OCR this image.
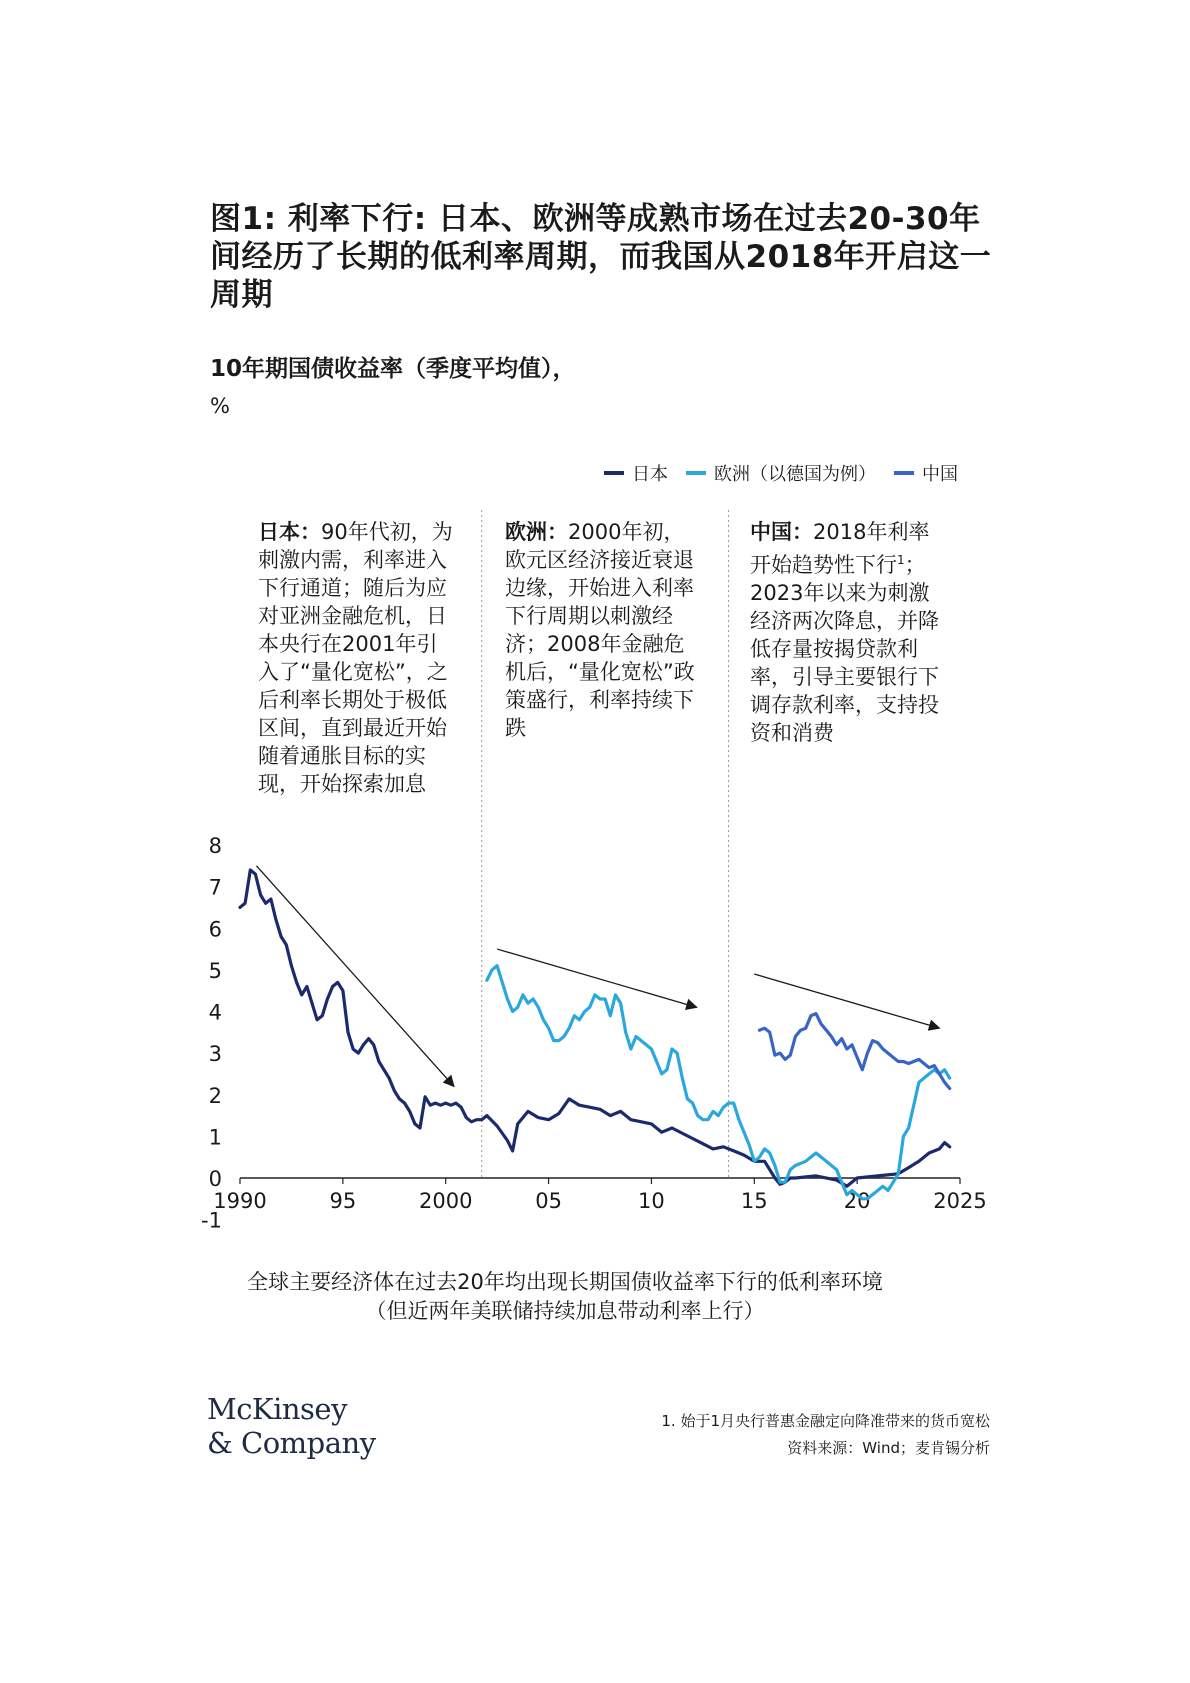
图1: 利率下行: 日本、欧洲等成熟市场在过去20-30年间经历了长期的低利率周期，而我国从2018年开启这一周期
10年期国债收益率（季度平均值），
%
日本	欧洲（以德国为例）	中国
日本：90年代初，为刺激内需，利率进入下行通道；随后为应对亚洲金融危机，日本央行在2001年引入了“量化宽松”，之后利率长期处于极低区间，直到最近开始随着通胀目标的实现，开始探索加息
欧洲：2000年初，欧元区经济接近衰退边缘，开始进入利率下行周期以刺激经济；2008年金融危机后，“量化宽松”政策盛行，利率持续下跌
中国：2018年利率开始趋势性下行$^1$；2023年以来为刺激经济两次降息，并降低存量按揭贷款利率，引导主要银行下调存款利率，支持投资和消费
8
7
6
5
4
3
2
1
0
-1
1990	95	2000	05	10	15	20	2025
全球主要经济体在过去20年均出现长期国债收益率下行的低利率环境
（但近两年美联储持续加息带动利率上行）
McKinsey
& Company
1. 始于1月央行普惠金融定向降准带来的货币宽松
资料来源：Wind；麦肯锡分析
